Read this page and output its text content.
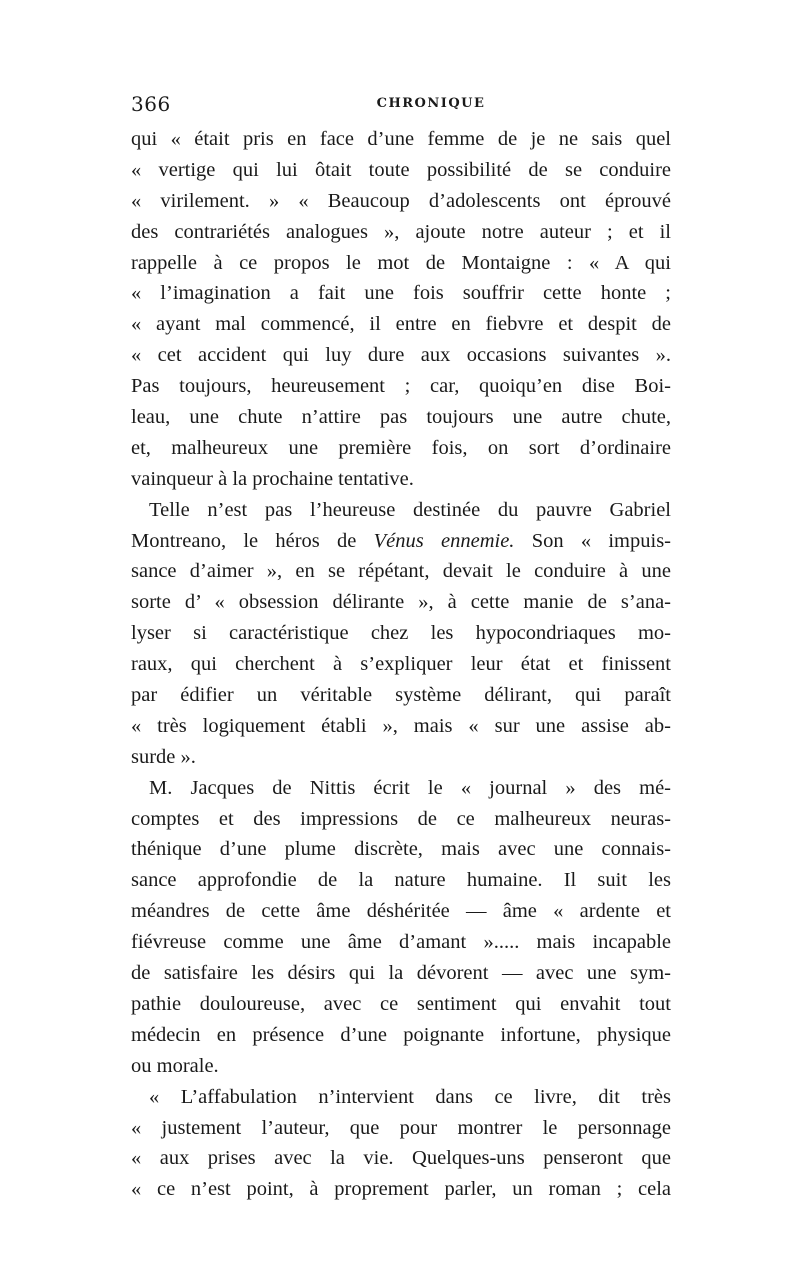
366	CHRONIQUE
qui « était pris en face d’une femme de je ne sais quel
« vertige qui lui ôtait toute possibilité de se conduire
« virilement. » « Beaucoup d’adolescents ont éprouvé
des contrariétés analogues », ajoute notre auteur ; et il
rappelle à ce propos le mot de Montaigne : « A qui
« l’imagination a fait une fois souffrir cette honte ;
« ayant mal commencé, il entre en fiebvre et despit de
« cet accident qui luy dure aux occasions suivantes ».
Pas toujours, heureusement ; car, quoiqu’en dise Boi-
leau, une chute n’attire pas toujours une autre chute,
et, malheureux une première fois, on sort d’ordinaire
vainqueur à la prochaine tentative.
Telle n’est pas l’heureuse destinée du pauvre Gabriel
Montreano, le héros de Vénus ennemie. Son « impuis-
sance d’aimer », en se répétant, devait le conduire à une
sorte d’ « obsession délirante », à cette manie de s’ana-
lyser si caractéristique chez les hypocondriaques mo-
raux, qui cherchent à s’expliquer leur état et finissent
par édifier un véritable système délirant, qui paraît
« très logiquement établi », mais « sur une assise ab-
surde ».
M. Jacques de Nittis écrit le « journal » des mé-
comptes et des impressions de ce malheureux neuras-
thénique d’une plume discrète, mais avec une connais-
sance approfondie de la nature humaine. Il suit les
méandres de cette âme déshéritée — âme « ardente et
fiévreuse comme une âme d’amant »..... mais incapable
de satisfaire les désirs qui la dévorent — avec une sym-
pathie douloureuse, avec ce sentiment qui envahit tout
médecin en présence d’une poignante infortune, physique
ou morale.
« L’affabulation n’intervient dans ce livre, dit très
« justement l’auteur, que pour montrer le personnage
« aux prises avec la vie. Quelques-uns penseront que
« ce n’est point, à proprement parler, un roman ; cela
